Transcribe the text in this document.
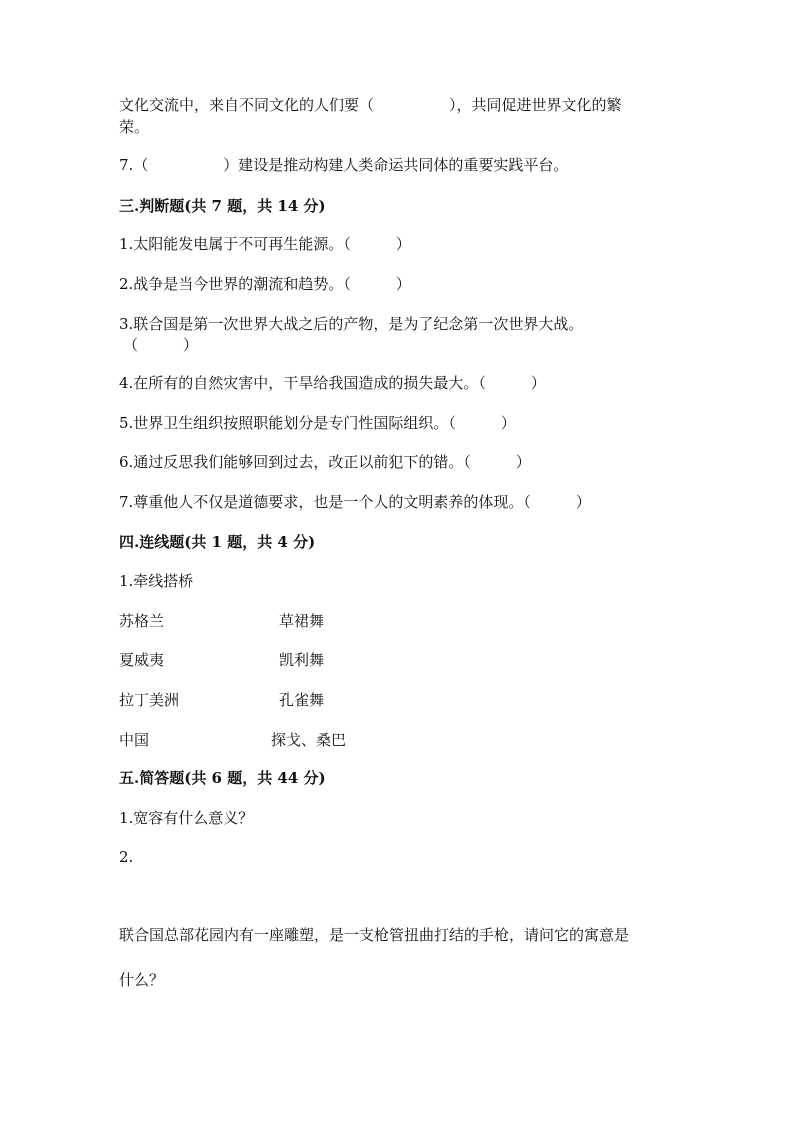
文化交流中，来自不同文化的人们要（　　　　　），共同促进世界文化的繁
荣。
7.（　　　　　）建设是推动构建人类命运共同体的重要实践平台。
三.判断题(共 7 题，共 14 分)
1.太阳能发电属于不可再生能源。（　　　）
2.战争是当今世界的潮流和趋势。（　　　）
3.联合国是第一次世界大战之后的产物，是为了纪念第一次世界大战。
（　　　）
4.在所有的自然灾害中，干旱给我国造成的损失最大。（　　　）
5.世界卫生组织按照职能划分是专门性国际组织。（　　　）
6.通过反思我们能够回到过去，改正以前犯下的错。（　　　）
7.尊重他人不仅是道德要求，也是一个人的文明素养的体现。（　　　）
四.连线题(共 1 题，共 4 分)
1.牵线搭桥
苏格兰	草裙舞
夏威夷	凯利舞
拉丁美洲	孔雀舞
中国	探戈、桑巴
五.简答题(共 6 题，共 44 分)
1.宽容有什么意义？
2.
联合国总部花园内有一座雕塑，是一支枪管扭曲打结的手枪，请问它的寓意是
什么？
